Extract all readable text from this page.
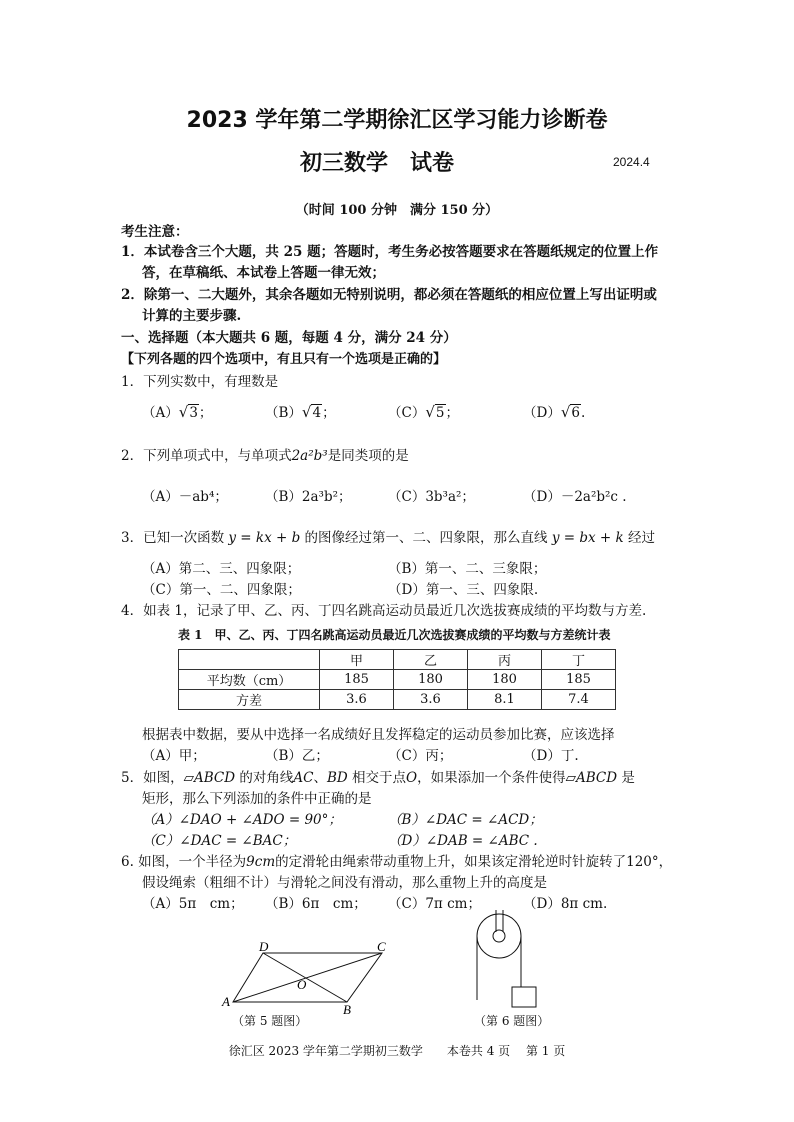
2023 学年第二学期徐汇区学习能力诊断卷
初三数学　试卷	2024.4
（时间 100 分钟　满分 150 分）
考生注意：
1．本试卷含三个大题，共 25 题；答题时，考生务必按答题要求在答题纸规定的位置上作
答，在草稿纸、本试卷上答题一律无效；
2．除第一、二大题外，其余各题如无特别说明，都必须在答题纸的相应位置上写出证明或
计算的主要步骤.
一、选择题（本大题共 6 题，每题 4 分，满分 24 分）
【下列各题的四个选项中，有且只有一个选项是正确的】
1．下列实数中，有理数是
（A）√3；	（B）√4；	（C）√5；	（D）√6.
2．下列单项式中，与单项式2a²b³是同类项的是
（A）－ab⁴；	（B）2a³b²；	（C）3b³a²；	（D）－2a²b²c .
3．已知一次函数 y = kx + b 的图像经过第一、二、四象限，那么直线 y = bx + k 经过
（A）第二、三、四象限；	（B）第一、二、三象限；
（C）第一、二、四象限；	（D）第一、三、四象限.
4．如表 1，记录了甲、乙、丙、丁四名跳高运动员最近几次选拔赛成绩的平均数与方差.
表 1　甲、乙、丙、丁四名跳高运动员最近几次选拔赛成绩的平均数与方差统计表
	甲	乙	丙	丁
平均数（cm）	185	180	180	185
方差	3.6	3.6	8.1	7.4
根据表中数据，要从中选择一名成绩好且发挥稳定的运动员参加比赛，应该选择
（A）甲；	（B）乙；	（C）丙；	（D）丁.
5．如图，▱ABCD 的对角线AC、BD 相交于点O，如果添加一个条件使得▱ABCD 是
矩形，那么下列添加的条件中正确的是
（A）∠DAO + ∠ADO = 90°；	（B）∠DAC = ∠ACD；
（C）∠DAC = ∠BAC；	（D）∠DAB = ∠ABC .
6. 如图，一个半径为9cm的定滑轮由绳索带动重物上升，如果该定滑轮逆时针旋转了120°，
假设绳索（粗细不计）与滑轮之间没有滑动，那么重物上升的高度是
（A）5π　cm； （B）6π　cm； （C）7π cm；	（D）8π cm.
A
B
C
D
O
（第 5 题图）	（第 6 题图）
徐汇区 2023 学年第二学期初三数学　　本卷共 4 页　 第 1 页
